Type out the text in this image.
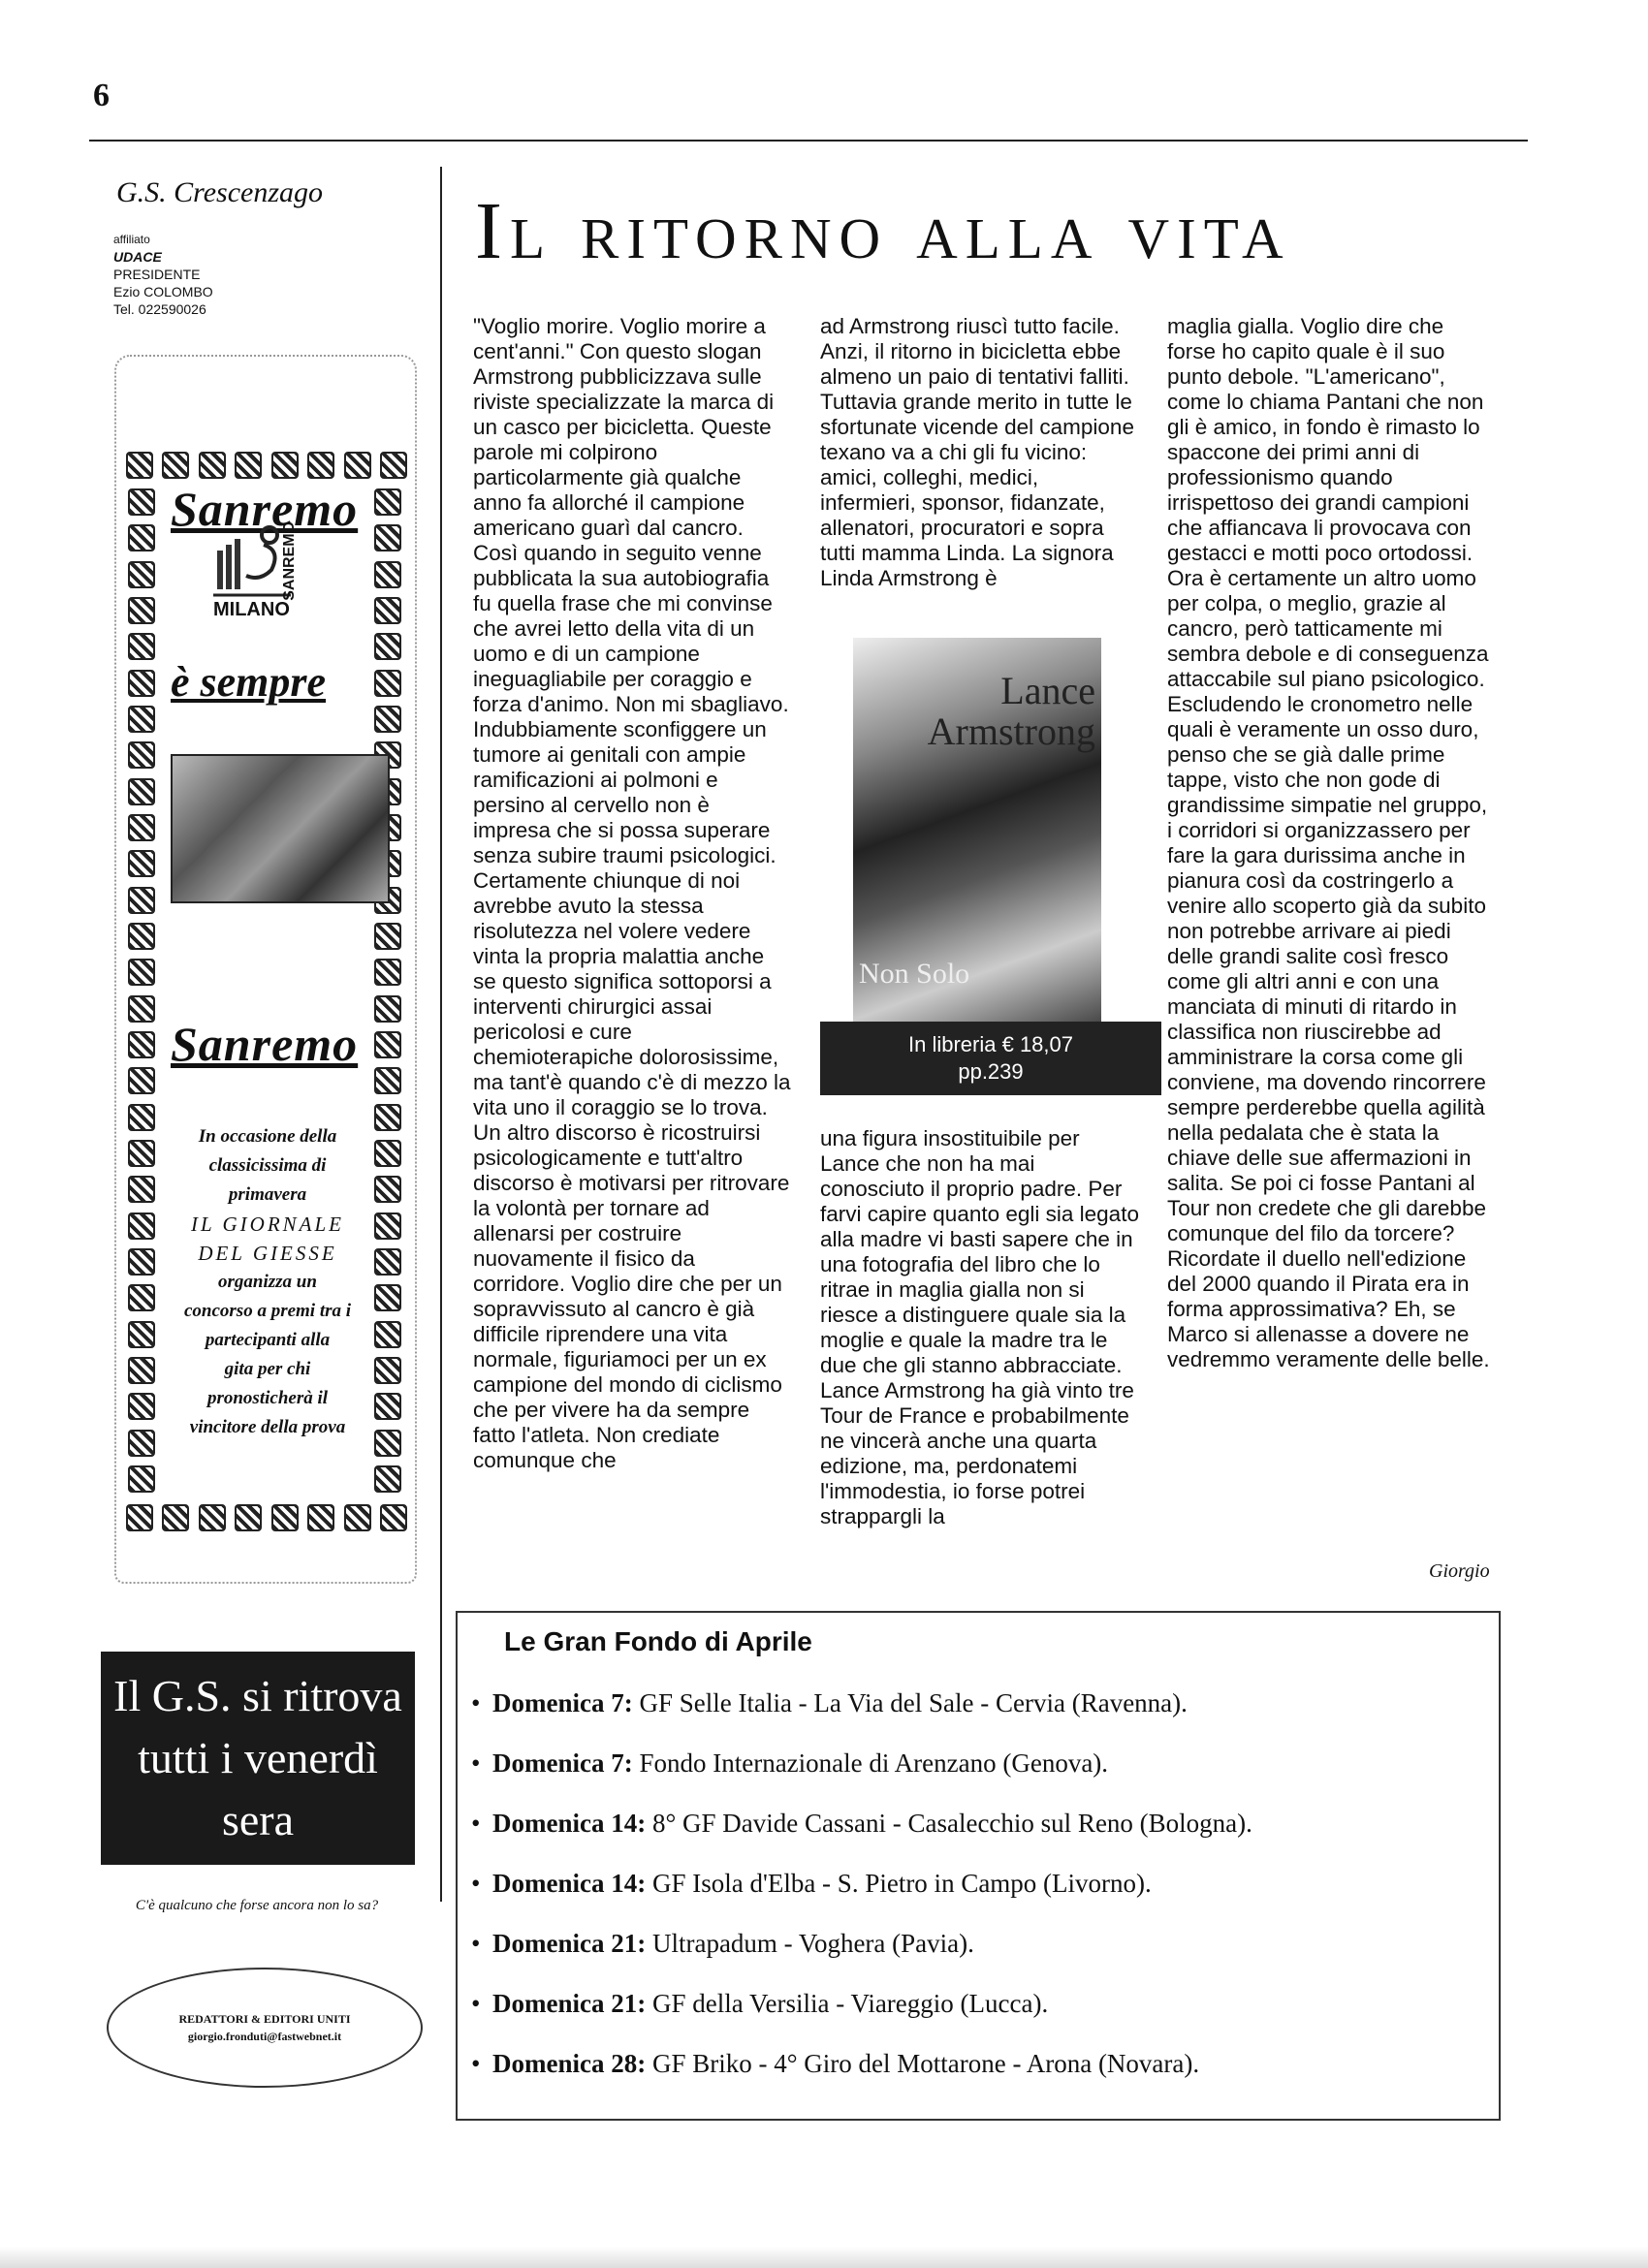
6
G.S. Crescenzago
affiliato
UDACE
PRESIDENTE
Ezio COLOMBO
Tel. 022590026
Sanremo
SANREMO
MILANO
è sempre
Sanremo
In occasione della
classicissima di
primavera
IL GIORNALE
DEL GIESSE
organizza un
concorso a premi tra i
partecipanti alla
gita per chi
pronosticherà il
vincitore della prova
Il G.S. si ritrova
tutti i venerdì sera
C'è qualcuno che forse ancora non lo sa?
REDATTORI & EDITORI UNITI
giorgio.fronduti@fastwebnet.it
Il ritorno alla vita

"Voglio morire. Voglio morire a cent'anni." Con questo slogan Armstrong pubblicizzava sulle riviste specializzate la marca di un casco per bicicletta. Queste parole mi colpirono particolarmente già qualche anno fa allorché il campione americano guarì dal cancro. Così quando in seguito venne pubblicata la sua autobiografia fu quella frase che mi convinse che avrei letto della vita di un uomo e di un campione ineguagliabile per coraggio e forza d'animo. Non mi sbagliavo. Indubbiamente sconfiggere un tumore ai genitali con ampie ramificazioni ai polmoni e persino al cervello non è impresa che si possa superare senza subire traumi psicologici. Certamente chiunque di noi avrebbe avuto la stessa risolutezza nel volere vedere vinta la propria malattia anche se questo significa sottoporsi a interventi chirurgici assai pericolosi e cure chemioterapiche dolorosissime, ma tant'è quando c'è di mezzo la vita uno il coraggio se lo trova. Un altro discorso è ricostruirsi psicologicamente e tutt'altro discorso è motivarsi per ritrovare la volontà per tornare ad allenarsi per costruire nuovamente il fisico da corridore. Voglio dire che per un sopravvissuto al cancro è già difficile riprendere una vita normale, figuriamoci per un ex campione del mondo di ciclismo che per vivere ha da sempre fatto l'atleta. Non crediate comunque che

ad Armstrong riuscì tutto facile. Anzi, il ritorno in bicicletta ebbe almeno un paio di tentativi falliti. Tuttavia grande merito in tutte le sfortunate vicende del campione texano va a chi gli fu vicino: amici, colleghi, medici, infermieri, sponsor, fidanzate, allenatori, procuratori e sopra tutti mamma Linda. La signora Linda Armstrong è

Lance
Armstrong
Non Solo
In libreria € 18,07
pp.239

una figura insostituibile per Lance che non ha mai conosciuto il proprio padre. Per farvi capire quanto egli sia legato alla madre vi basti sapere che in una fotografia del libro che lo ritrae in maglia gialla non si riesce a distinguere quale sia la moglie e quale la madre tra le due che gli stanno abbracciate. Lance Armstrong ha già vinto tre Tour de France e probabilmente ne vincerà anche una quarta edizione, ma, perdonatemi l'immodestia, io forse potrei strappargli la

maglia gialla. Voglio dire che forse ho capito quale è il suo punto debole. "L'americano", come lo chiama Pantani che non gli è amico, in fondo è rimasto lo spaccone dei primi anni di professionismo quando irrispettoso dei grandi campioni che affiancava li provocava con gestacci e motti poco ortodossi. Ora è certamente un altro uomo per colpa, o meglio, grazie al cancro, però tatticamente mi sembra debole e di conseguenza attaccabile sul piano psicologico. Escludendo le cronometro nelle quali è veramente un osso duro, penso che se già dalle prime tappe, visto che non gode di grandissime simpatie nel gruppo, i corridori si organizzassero per fare la gara durissima anche in pianura così da costringerlo a venire allo scoperto già da subito non potrebbe arrivare ai piedi delle grandi salite così fresco come gli altri anni e con una manciata di minuti di ritardo in classifica non riuscirebbe ad amministrare la corsa come gli conviene, ma dovendo rincorrere sempre perderebbe quella agilità nella pedalata che è stata la chiave delle sue affermazioni in salita. Se poi ci fosse Pantani al Tour non credete che gli darebbe comunque del filo da torcere? Ricordate il duello nell'edizione del 2000 quando il Pirata era in forma approssimativa? Eh, se Marco si allenasse a dovere ne vedremmo veramente delle belle.

Giorgio
Le Gran Fondo di Aprile
• Domenica 7: GF Selle Italia - La Via del Sale - Cervia (Ravenna).
• Domenica 7: Fondo Internazionale di Arenzano (Genova).
• Domenica 14: 8° GF Davide Cassani - Casalecchio sul Reno (Bologna).
• Domenica 14: GF Isola d'Elba - S. Pietro in Campo (Livorno).
• Domenica 21: Ultrapadum - Voghera (Pavia).
• Domenica 21: GF della Versilia - Viareggio (Lucca).
• Domenica 28: GF Briko - 4° Giro del Mottarone - Arona (Novara).
